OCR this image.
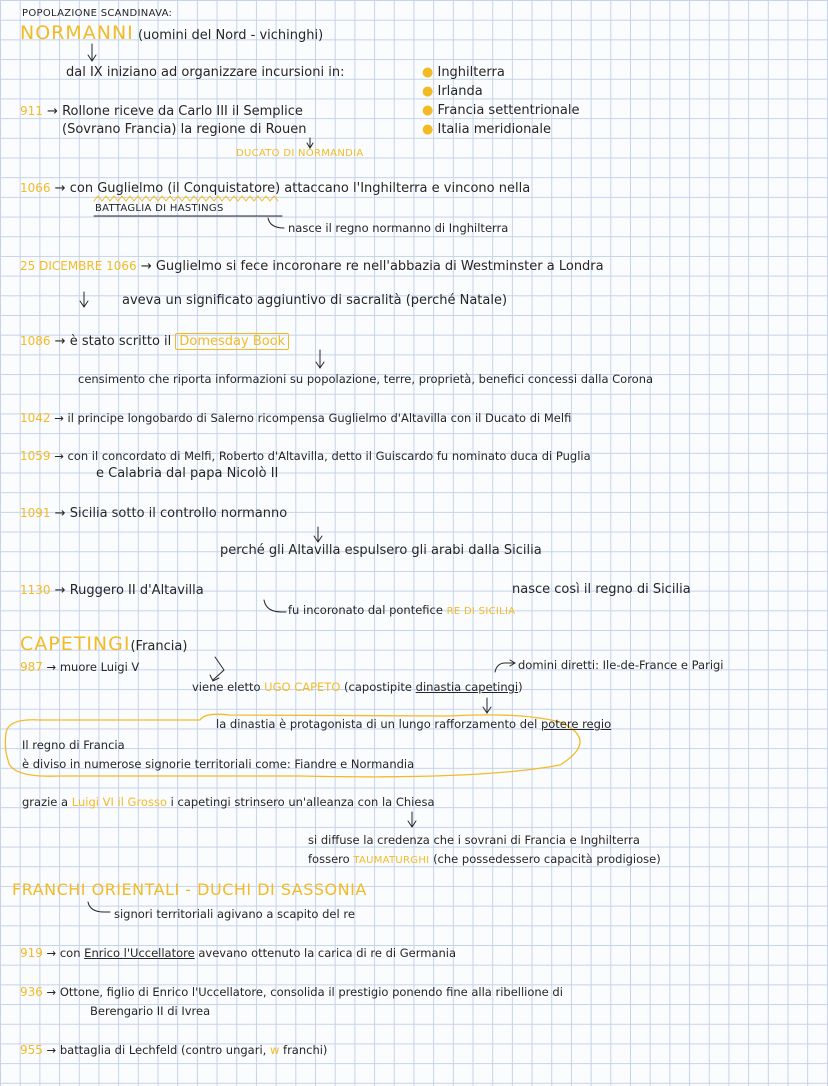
POPOLAZIONE SCANDINAVA:
NORMANNI (uomini del Nord - vichinghi)
dal IX iniziano ad organizzare incursioni in:	● Inghilterra
● Irlanda
● Francia settentrionale
● Italia meridionale
911 → Rollone riceve da Carlo III il Semplice
(Sovrano Francia) la regione di Rouen
DUCATO DI NORMANDIA
1066 → con Guglielmo (il Conquistatore) attaccano l'Inghilterra e vincono nella
BATTAGLIA DI HASTINGS
nasce il regno normanno di Inghilterra
25 DICEMBRE 1066 → Guglielmo si fece incoronare re nell'abbazia di Westminster a Londra
aveva un significato aggiuntivo di sacralità (perché Natale)
1086 → è stato scritto il Domesday Book
censimento che riporta informazioni su popolazione, terre, proprietà, benefici concessi dalla Corona
1042 → il principe longobardo di Salerno ricompensa Guglielmo d'Altavilla con il Ducato di Melfi
1059 → con il concordato di Melfi, Roberto d'Altavilla, detto il Guiscardo fu nominato duca di Puglia
e Calabria dal papa Nicolò II
1091 → Sicilia sotto il controllo normanno
perché gli Altavilla espulsero gli arabi dalla Sicilia
1130 → Ruggero II d'Altavilla	nasce così il regno di Sicilia
fu incoronato dal pontefice RE DI SICILIA
CAPETINGI(Francia)
987 → muore Luigi V	domini diretti: Ile-de-France e Parigi
viene eletto UGO CAPETO (capostipite dinastia capetingi)
la dinastia è protagonista di un lungo rafforzamento del potere regio
Il regno di Francia
è diviso in numerose signorie territoriali come: Fiandre e Normandia
grazie a Luigi VI il Grosso i capetingi strinsero un'alleanza con la Chiesa
si diffuse la credenza che i sovrani di Francia e Inghilterra
fossero TAUMATURGHI (che possedessero capacità prodigiose)
FRANCHI ORIENTALI - DUCHI DI SASSONIA
signori territoriali agivano a scapito del re
919 → con Enrico l'Uccellatore avevano ottenuto la carica di re di Germania
936 → Ottone, figlio di Enrico l'Uccellatore, consolida il prestigio ponendo fine alla ribellione di
Berengario II di Ivrea
955 → battaglia di Lechfeld (contro ungari, w franchi)
